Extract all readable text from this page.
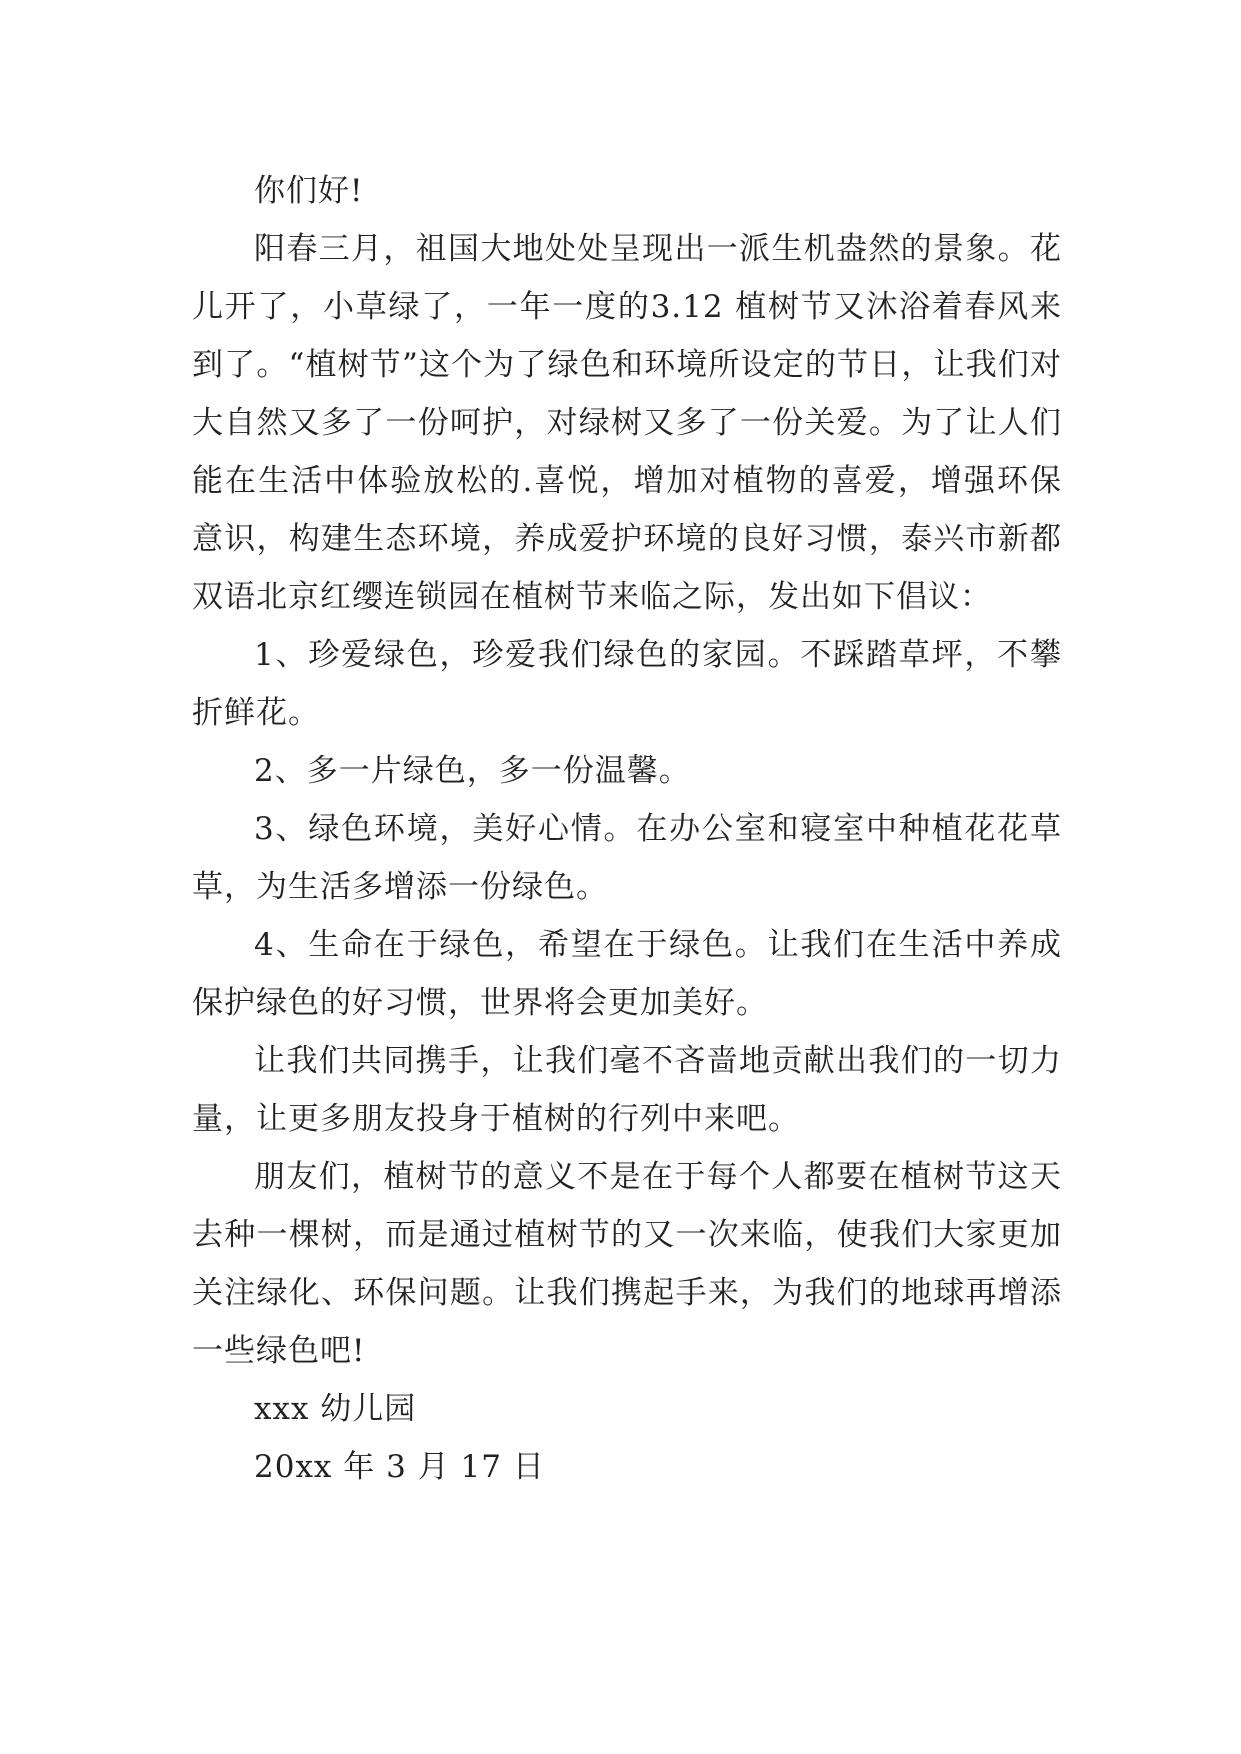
你们好!

阳春三月，祖国大地处处呈现出一派生机盎然的景象。花儿开了，小草绿了，一年一度的3.12 植树节又沐浴着春风来到了。“植树节”这个为了绿色和环境所设定的节日，让我们对大自然又多了一份呵护，对绿树又多了一份关爱。为了让人们能在生活中体验放松的.喜悦，增加对植物的喜爱，增强环保意识，构建生态环境，养成爱护环境的良好习惯，泰兴市新都双语北京红缨连锁园在植树节来临之际，发出如下倡议：

1、珍爱绿色，珍爱我们绿色的家园。不踩踏草坪，不攀折鲜花。

2、多一片绿色，多一份温馨。

3、绿色环境，美好心情。在办公室和寝室中种植花花草草，为生活多增添一份绿色。

4、生命在于绿色，希望在于绿色。让我们在生活中养成保护绿色的好习惯，世界将会更加美好。

让我们共同携手，让我们毫不吝啬地贡献出我们的一切力量，让更多朋友投身于植树的行列中来吧。

朋友们，植树节的意义不是在于每个人都要在植树节这天去种一棵树，而是通过植树节的又一次来临，使我们大家更加关注绿化、环保问题。让我们携起手来，为我们的地球再增添一些绿色吧!

xxx 幼儿园

20xx 年 3 月 17 日
